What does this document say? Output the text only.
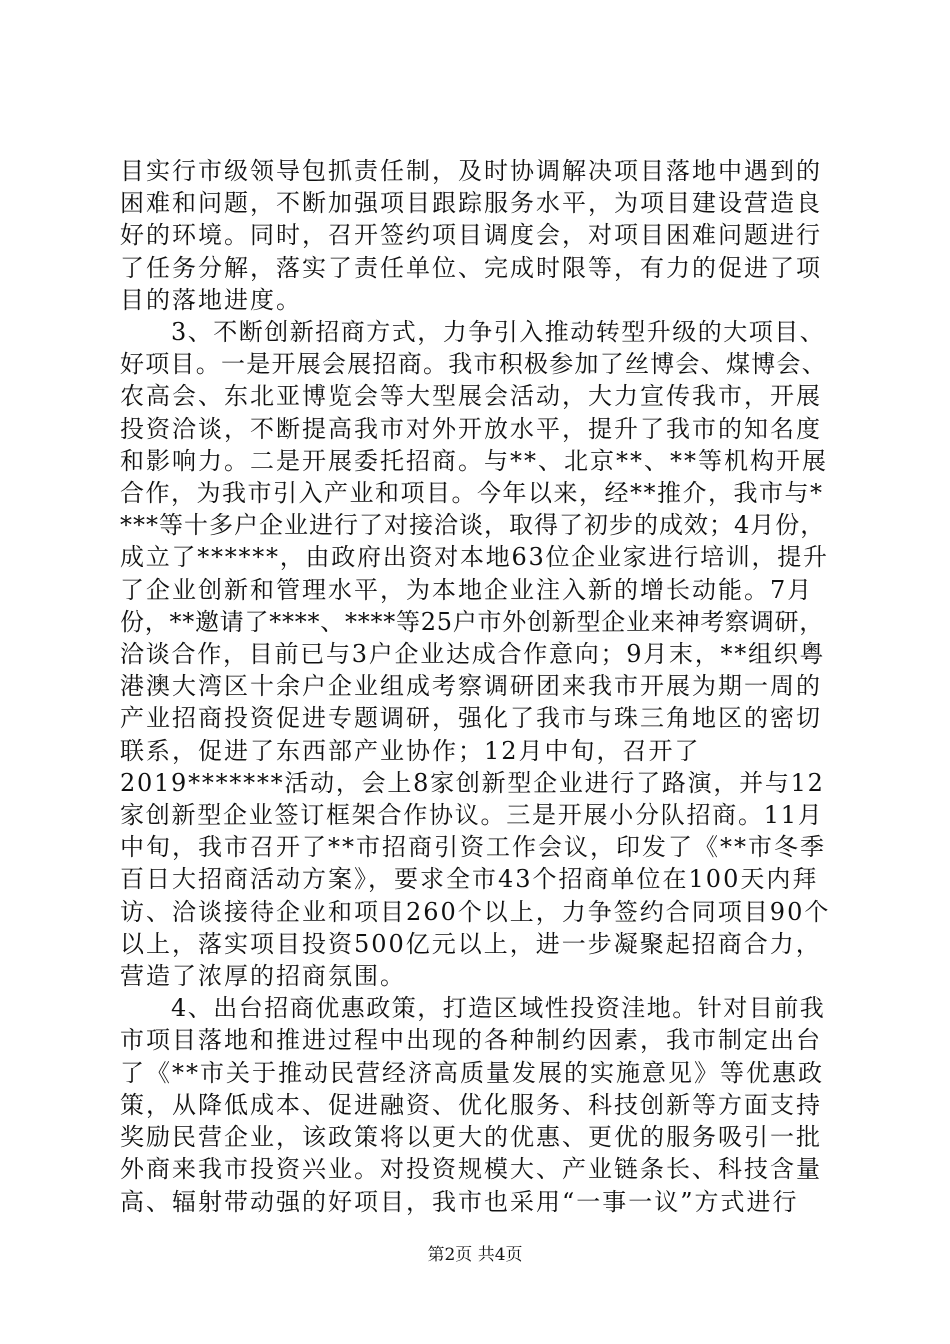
目实行市级领导包抓责任制，及时协调解决项目落地中遇到的
困难和问题，不断加强项目跟踪服务水平，为项目建设营造良
好的环境。同时，召开签约项目调度会，对项目困难问题进行
了任务分解，落实了责任单位、完成时限等，有力的促进了项
目的落地进度。
　　3、不断创新招商方式，力争引入推动转型升级的大项目、
好项目。一是开展会展招商。我市积极参加了丝博会、煤博会、
农高会、东北亚博览会等大型展会活动，大力宣传我市，开展
投资洽谈，不断提高我市对外开放水平，提升了我市的知名度
和影响力。二是开展委托招商。与**、北京**、**等机构开展
合作，为我市引入产业和项目。今年以来，经**推介，我市与*
***等十多户企业进行了对接洽谈，取得了初步的成效；4月份，
成立了******，由政府出资对本地63位企业家进行培训，提升
了企业创新和管理水平，为本地企业注入新的增长动能。7月
份，**邀请了****、****等25户市外创新型企业来神考察调研，
洽谈合作，目前已与3户企业达成合作意向；9月末，**组织粤
港澳大湾区十余户企业组成考察调研团来我市开展为期一周的
产业招商投资促进专题调研，强化了我市与珠三角地区的密切
联系，促进了东西部产业协作；12月中旬，召开了
2019*******活动，会上8家创新型企业进行了路演，并与12
家创新型企业签订框架合作协议。三是开展小分队招商。11月
中旬，我市召开了**市招商引资工作会议，印发了《**市冬季
百日大招商活动方案》，要求全市43个招商单位在100天内拜
访、洽谈接待企业和项目260个以上，力争签约合同项目90个
以上，落实项目投资500亿元以上，进一步凝聚起招商合力，
营造了浓厚的招商氛围。
　　4、出台招商优惠政策，打造区域性投资洼地。针对目前我
市项目落地和推进过程中出现的各种制约因素，我市制定出台
了《**市关于推动民营经济高质量发展的实施意见》等优惠政
策，从降低成本、促进融资、优化服务、科技创新等方面支持
奖励民营企业，该政策将以更大的优惠、更优的服务吸引一批
外商来我市投资兴业。对投资规模大、产业链条长、科技含量
高、辐射带动强的好项目，我市也采用“一事一议”方式进行
第2页 共4页
